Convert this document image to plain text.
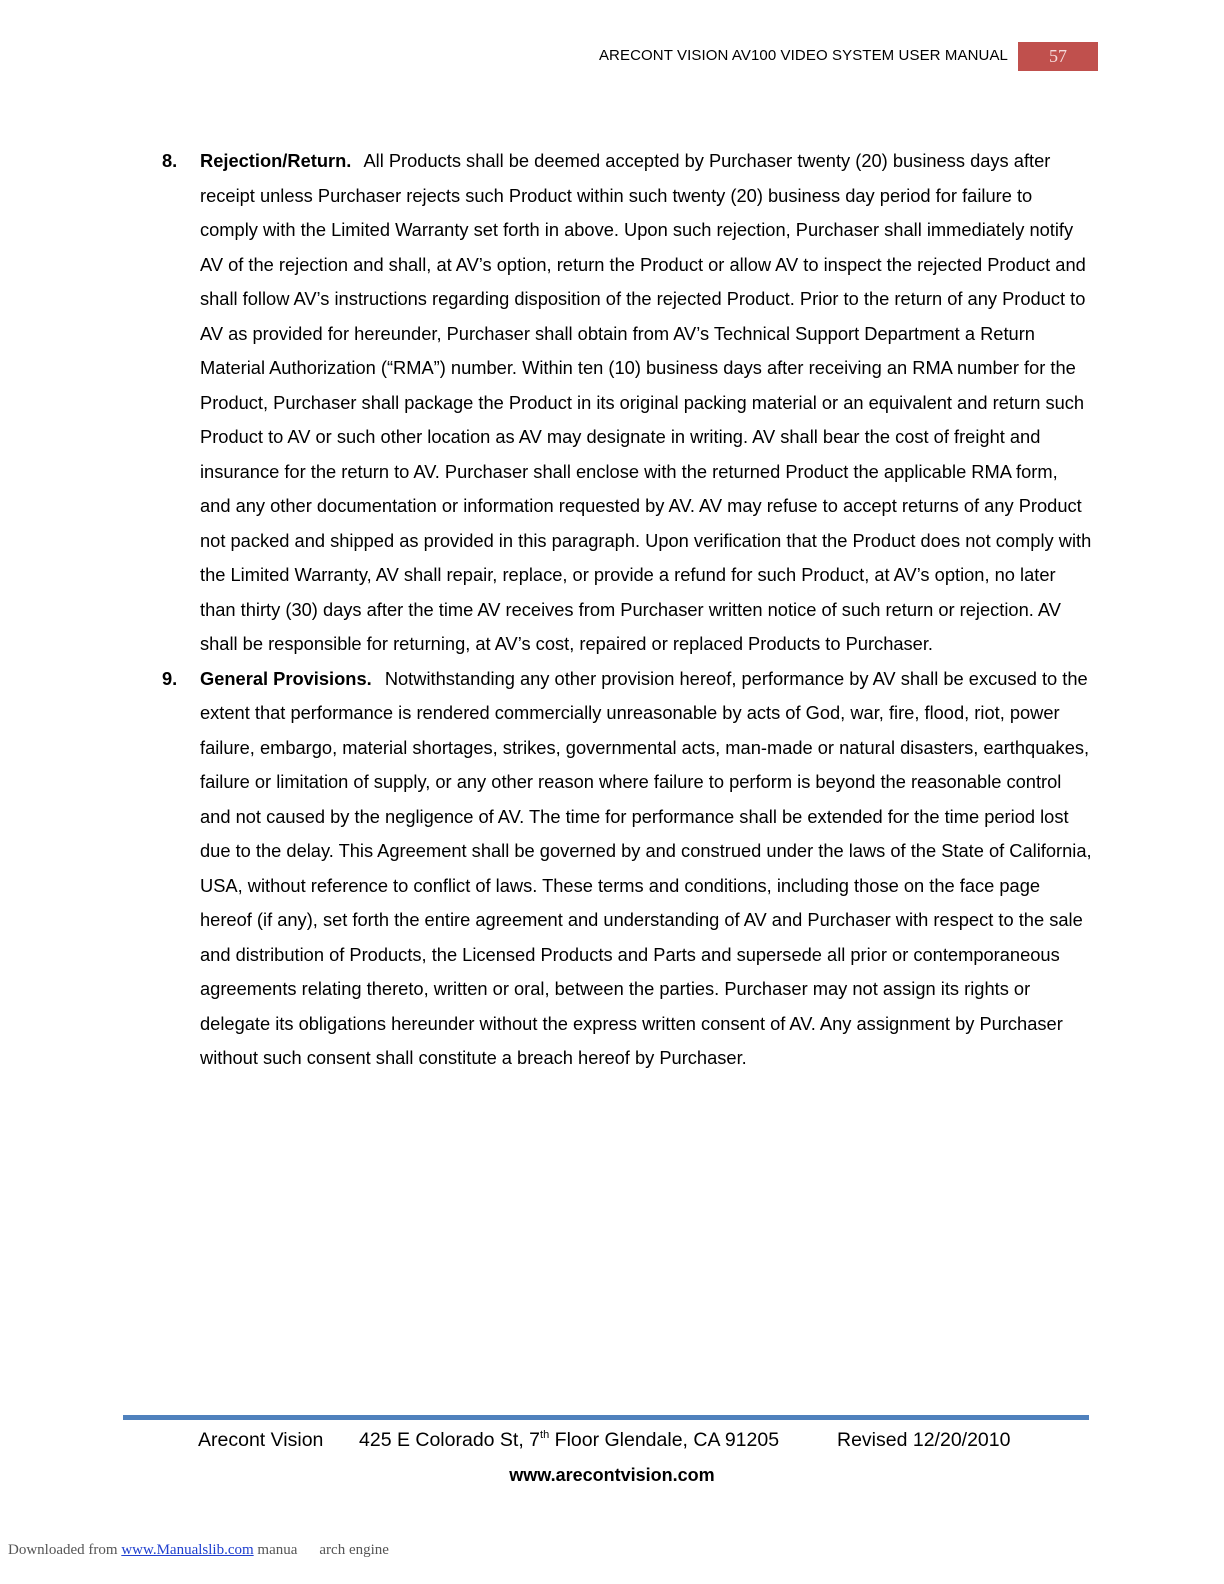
ARECONT VISION AV100 VIDEO SYSTEM USER MANUAL	57
8. Rejection/Return. All Products shall be deemed accepted by Purchaser twenty (20) business days after receipt unless Purchaser rejects such Product within such twenty (20) business day period for failure to comply with the Limited Warranty set forth in above. Upon such rejection, Purchaser shall immediately notify AV of the rejection and shall, at AV’s option, return the Product or allow AV to inspect the rejected Product and shall follow AV’s instructions regarding disposition of the rejected Product. Prior to the return of any Product to AV as provided for hereunder, Purchaser shall obtain from AV’s Technical Support Department a Return Material Authorization (“RMA”) number. Within ten (10) business days after receiving an RMA number for the Product, Purchaser shall package the Product in its original packing material or an equivalent and return such Product to AV or such other location as AV may designate in writing. AV shall bear the cost of freight and insurance for the return to AV. Purchaser shall enclose with the returned Product the applicable RMA form, and any other documentation or information requested by AV. AV may refuse to accept returns of any Product not packed and shipped as provided in this paragraph. Upon verification that the Product does not comply with the Limited Warranty, AV shall repair, replace, or provide a refund for such Product, at AV’s option, no later than thirty (30) days after the time AV receives from Purchaser written notice of such return or rejection. AV shall be responsible for returning, at AV’s cost, repaired or replaced Products to Purchaser.
9. General Provisions. Notwithstanding any other provision hereof, performance by AV shall be excused to the extent that performance is rendered commercially unreasonable by acts of God, war, fire, flood, riot, power failure, embargo, material shortages, strikes, governmental acts, man-made or natural disasters, earthquakes, failure or limitation of supply, or any other reason where failure to perform is beyond the reasonable control and not caused by the negligence of AV. The time for performance shall be extended for the time period lost due to the delay. This Agreement shall be governed by and construed under the laws of the State of California, USA, without reference to conflict of laws. These terms and conditions, including those on the face page hereof (if any), set forth the entire agreement and understanding of AV and Purchaser with respect to the sale and distribution of Products, the Licensed Products and Parts and supersede all prior or contemporaneous agreements relating thereto, written or oral, between the parties. Purchaser may not assign its rights or delegate its obligations hereunder without the express written consent of AV. Any assignment by Purchaser without such consent shall constitute a breach hereof by Purchaser.
Arecont Vision 425 E Colorado St, 7th Floor Glendale, CA 91205	Revised 12/20/2010
www.arecontvision.com
Downloaded from www.Manualslib.com manua arch engine
